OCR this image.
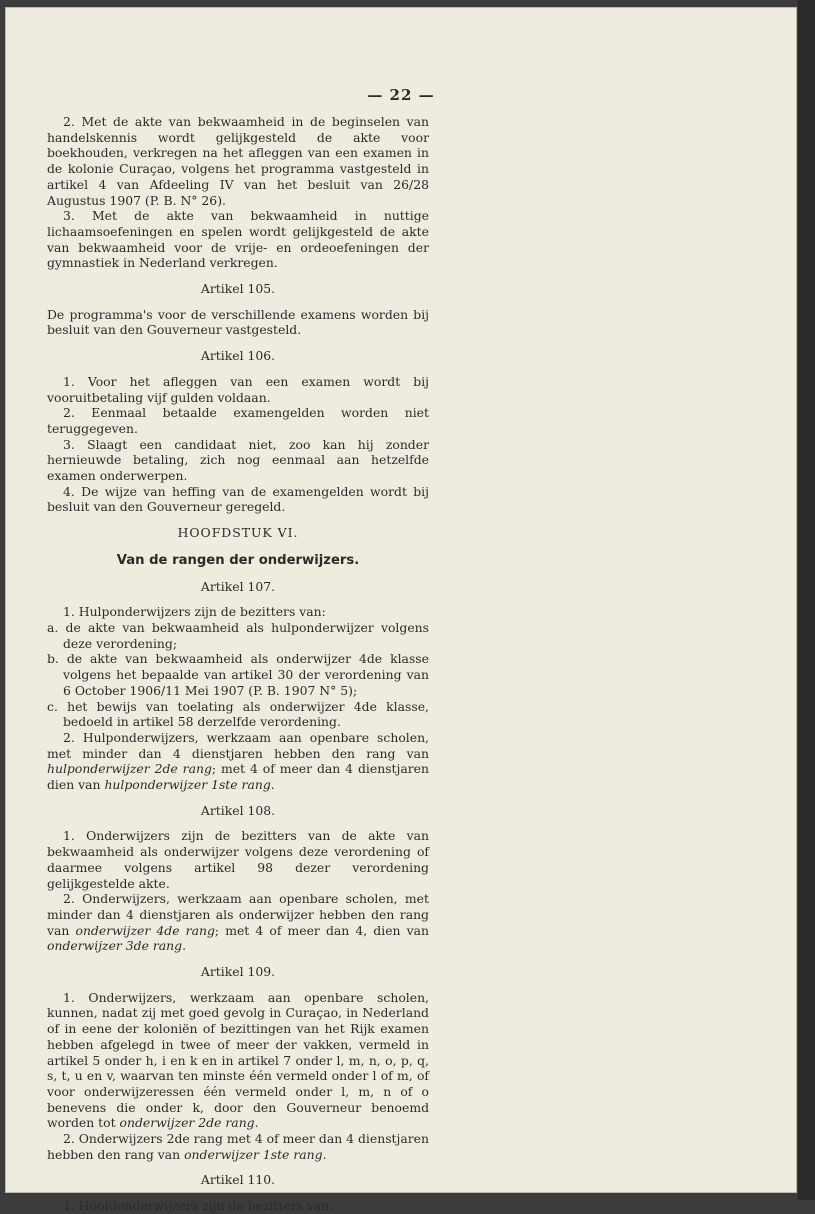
— 22 —

2. Met de akte van bekwaamheid in de beginselen van handelskennis wordt gelijkgesteld de akte voor boekhouden, verkregen na het afleggen van een examen in de kolonie Curaçao, volgens het programma vastgesteld in artikel 4 van Afdeeling IV van het besluit van 26/28 Augustus 1907 (P. B. N° 26).

3. Met de akte van bekwaamheid in nuttige lichaamsoefeningen en spelen wordt gelijkgesteld de akte van bekwaamheid voor de vrije- en ordeoefeningen der gymnastiek in Nederland verkregen.

Artikel 105.

De programma's voor de verschillende examens worden bij besluit van den Gouverneur vastgesteld.

Artikel 106.

1. Voor het afleggen van een examen wordt bij vooruitbetaling vijf gulden voldaan.

2. Eenmaal betaalde examengelden worden niet teruggegeven.

3. Slaagt een candidaat niet, zoo kan hij zonder hernieuwde betaling, zich nog eenmaal aan hetzelfde examen onderwerpen.

4. De wijze van heffing van de examengelden wordt bij besluit van den Gouverneur geregeld.

HOOFDSTUK VI.

Van de rangen der onderwijzers.

Artikel 107.

1. Hulponderwijzers zijn de bezitters van:

a. de akte van bekwaamheid als hulponderwijzer volgens deze verordening;

b. de akte van bekwaamheid als onderwijzer 4de klasse volgens het bepaalde van artikel 30 der verordening van 6 October 1906/11 Mei 1907 (P. B. 1907 N° 5);

c. het bewijs van toelating als onderwijzer 4de klasse, bedoeld in artikel 58 derzelfde verordening.

2. Hulponderwijzers, werkzaam aan openbare scholen, met minder dan 4 dienstjaren hebben den rang van hulponderwijzer 2de rang; met 4 of meer dan 4 dienstjaren dien van hulponderwijzer 1ste rang.

Artikel 108.

1. Onderwijzers zijn de bezitters van de akte van bekwaamheid als onderwijzer volgens deze verordening of daarmee volgens artikel 98 dezer verordening gelijkgestelde akte.

2. Onderwijzers, werkzaam aan openbare scholen, met minder dan 4 dienstjaren als onderwijzer hebben den rang van onderwijzer 4de rang; met 4 of meer dan 4, dien van onderwijzer 3de rang.

Artikel 109.

1. Onderwijzers, werkzaam aan openbare scholen, kunnen, nadat zij met goed gevolg in Curaçao, in Nederland of in eene der koloniën of bezittingen van het Rijk examen hebben afgelegd in twee of meer der vakken, vermeld in artikel 5 onder h, i en k en in artikel 7 onder l, m, n, o, p, q, s, t, u en v, waarvan ten minste één vermeld onder l of m, of voor onderwijzeressen één vermeld onder l, m, n of o benevens die onder k, door den Gouverneur benoemd worden tot onderwijzer 2de rang.

2. Onderwijzers 2de rang met 4 of meer dan 4 dienstjaren hebben den rang van onderwijzer 1ste rang.

Artikel 110.

1. Hoofdonderwijzers zijn de bezitters van:
